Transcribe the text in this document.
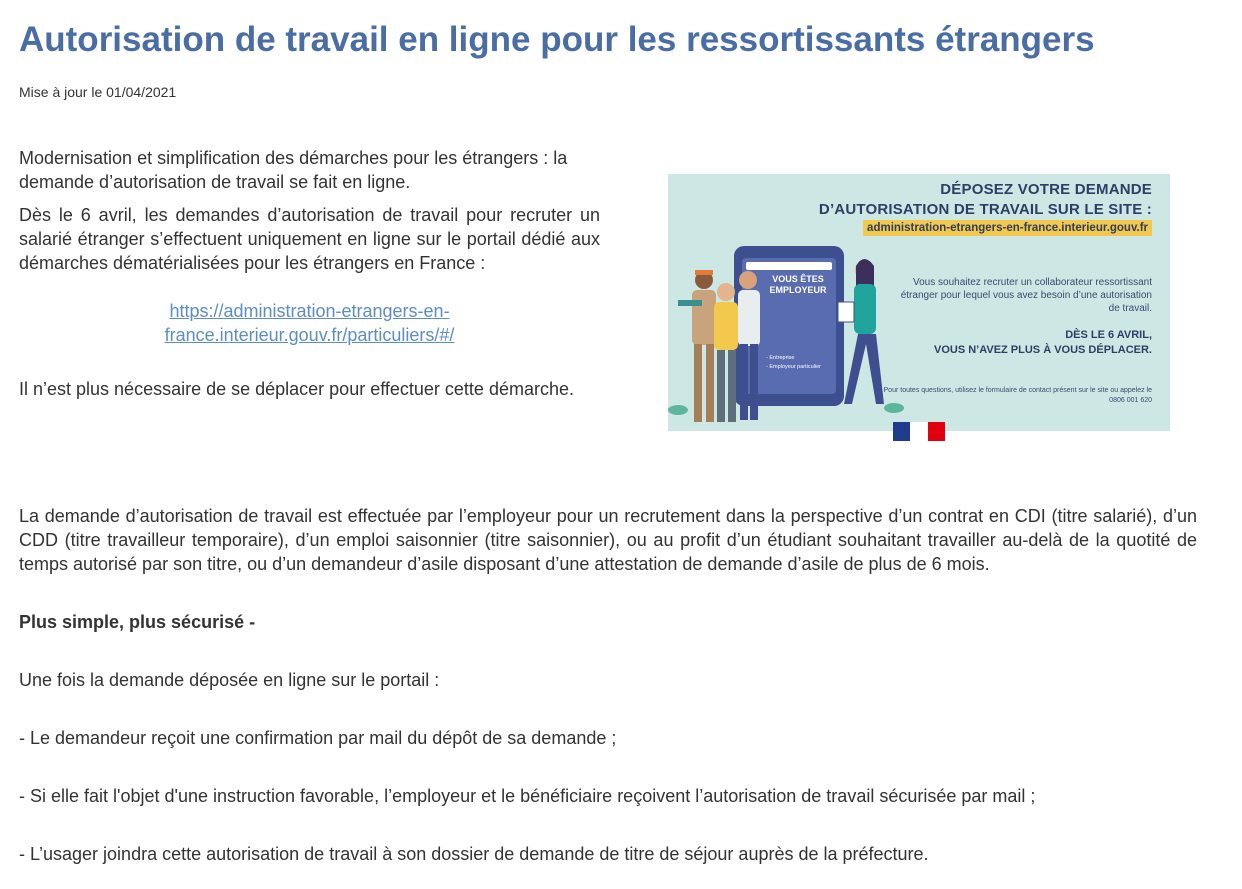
Autorisation de travail en ligne pour les ressortissants étrangers
Mise à jour le 01/04/2021

Modernisation et simplification des démarches pour les étrangers : la demande d’autorisation de travail se fait en ligne.

Dès le 6 avril, les demandes d’autorisation de travail pour recruter un salarié étranger s’effectuent uniquement en ligne sur le portail dédié aux démarches dématérialisées pour les étrangers en France :

https://administration-etrangers-en-
france.interieur.gouv.fr/particuliers/#/

Il n’est plus nécessaire de se déplacer pour effectuer cette démarche.

VOUS ÊTES
EMPLOYEUR
- Entreprise
- Employeur particulier
DÉPOSEZ VOTRE DEMANDE
D’AUTORISATION DE TRAVAIL SUR LE SITE :
administration-etrangers-en-france.interieur.gouv.fr
Vous souhaitez recruter un collaborateur ressortissant étranger pour lequel vous avez besoin d’une autorisation de travail.
DÈS LE 6 AVRIL,
VOUS N’AVEZ PLUS À VOUS DÉPLACER.
Pour toutes questions, utilisez le formulaire de contact présent sur le site ou appelez le 0806 001 620

La demande d’autorisation de travail est effectuée par l’employeur pour un recrutement dans la perspective d’un contrat en CDI (titre salarié), d’un CDD (titre travailleur temporaire), d’un emploi saisonnier (titre saisonnier), ou au profit d’un étudiant souhaitant travailler au-delà de la quotité de temps autorisé par son titre, ou d’un demandeur d’asile disposant d’une attestation de demande d’asile de plus de 6 mois.

Plus simple, plus sécurisé -

Une fois la demande déposée en ligne sur le portail :

- Le demandeur reçoit une confirmation par mail du dépôt de sa demande ;

- Si elle fait l'objet d'une instruction favorable, l’employeur et le bénéficiaire reçoivent l’autorisation de travail sécurisée par mail ;

- L’usager joindra cette autorisation de travail à son dossier de demande de titre de séjour auprès de la préfecture.
